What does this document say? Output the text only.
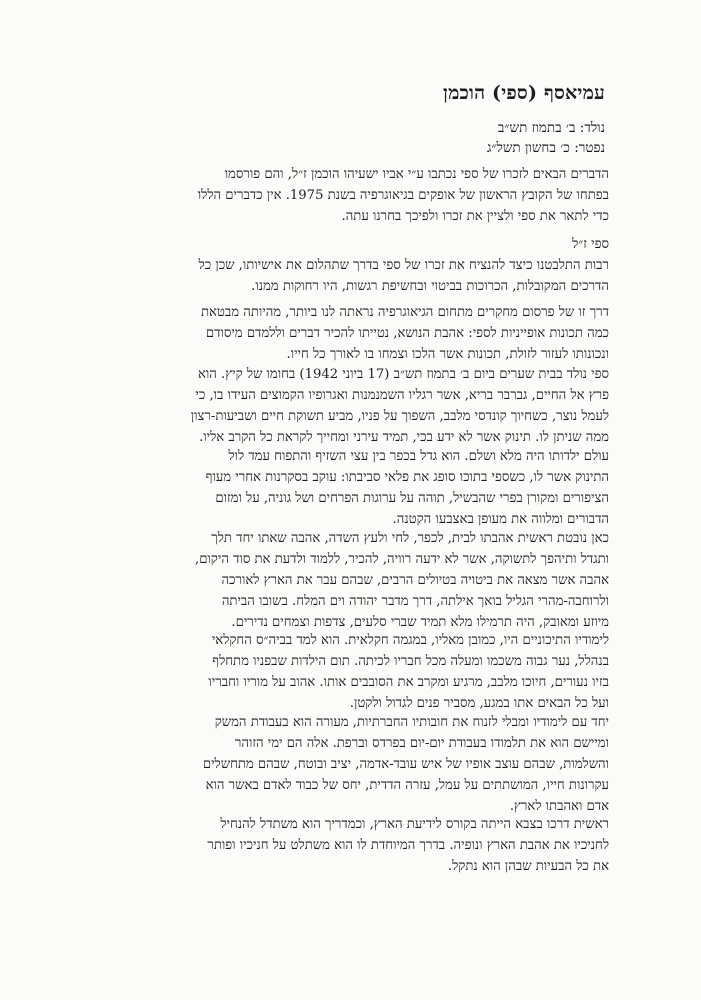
עמיאסף (ספי) הוכמן
נולד: ב׳ בתמוז תש״ב
נפטר: כ׳ בחשון תשל״ג
הדברים הבאים לזכרו של ספי נכתבו ע״י אביו ישעיהו הוכמן ז״ל, והם פורסמו
בפתחו של הקובץ הראשון של אופקים בגיאוגרפיה בשנת 1975. אין כדברים הללו
כדי לתאר את ספי ולציין את זכרו ולפיכך בחרנו עתה.
ספי ז״ל
רבות התלבטנו כיצד להנציח את זכרו של ספי בדרך שתהלום את אישיותו, שכן כל
הדרכים המקובלות, הכרוכות בביטוי ובחשיפת רגשות, היו רחוקות ממנו.
דרך זו של פרסום מחקרים מתחום הגיאוגרפיה נראתה לנו ביותר, מהיותה מבטאת
כמה תכונות אופייניות לספי: אהבת הנושא, נטייתו להכיר דברים וללמדם מיסודם
ונכונותו לעזור לזולת, תכונות אשר הלכו וצמחו בו לאורך כל חייו.
ספי נולד בבית שערים ביום ב׳ בתמוז תש״ב (17 ביוני 1942) בחומו של קיץ. הוא
פרץ אל החיים, גברבר בריא, אשר רגליו השמנמנות ואגרופיו הקמוצים העידו בו, כי
לעמל נוצר, כשחיוך קונדסי מלבב, השפוך על פניו, מביע תשוקת חיים ושביעות-רצון
ממה שניתן לו. תינוק אשר לא ידע בכי, תמיד עירני ומחייך לקראת כל הקרב אליו.
עולם ילדותו היה מלא ושלם. הוא גדל בכפר בין עצי השזיף והתפוח עמד לול
התינוק אשר לו, כשספי בתוכו סופג את פלאי סביבתו: עוקב בסקרנות אחרי מעוף
הציפורים ומקורן בפרי שהבשיל, תוהה על ערוגות הפרחים ושל גוניה, על ומזום
הדבורים ומלווה את מעופן באצבעו הקטנה.
כאן נובטת ראשית אהבתו לבית, לכפר, לחי ולעץ השדה, אהבה שאתו יחד תלך
ותגדל ותיהפך לתשוקה, אשר לא ידעה רוויה, להכיר, ללמוד ולדעת את סוד היקום,
אהבה אשר מצאה את ביטויה בטיולים הרבים, שבהם עבר את הארץ לאורכה
ולרוחבה-מהרי הגליל בואך אילתה, דרך מדבר יהודה וים המלח. בשובו הביתה
מיוזע ומאובק, היה תרמילו מלא תמיד שברי סלעים, צדפות וצמחים נדירים.
לימודיו התיכוניים היו, כמובן מאליו, במגמה חקלאית. הוא למד בביה״ס החקלאי
בנהלל, נער גבוה משכמו ומעלה מכל חבריו לכיתה. תום הילדות שבפניו מתחלף
בזיו נעורים, חיוכו מלבב, מרגיע ומקרב את הסובבים אותו. אהוב על מוריו וחבריו
ועל כל הבאים אתו במגע, מסביר פנים לגדול ולקטן.
יחד עם לימודיו ומבלי לזנוח את חובותיו החברתיות, מעורה הוא בעבודת המשק
ומיישם הוא את תלמודו בעבודת יום-יום בפרדס וברפת. אלה הם ימי הזוהר
והשלמות, שבהם עוצב אופיו של איש עובד-אדמה, יציב ובוטח, שבהם מתחשלים
עקרונות חייו, המושתתים על עמל, עזרה הדדית, יחס של כבוד לאדם באשר הוא
אדם ואהבתו לארץ.
ראשית דרכו בצבא הייתה בקורס לידיעת הארץ, וכמדריך הוא משתדל להנחיל
לחניכיו את אהבת הארץ ונופיה. בדרך המיוחדת לו הוא משתלט על חניכיו ופותר
את כל הבעיות שבהן הוא נתקל.
